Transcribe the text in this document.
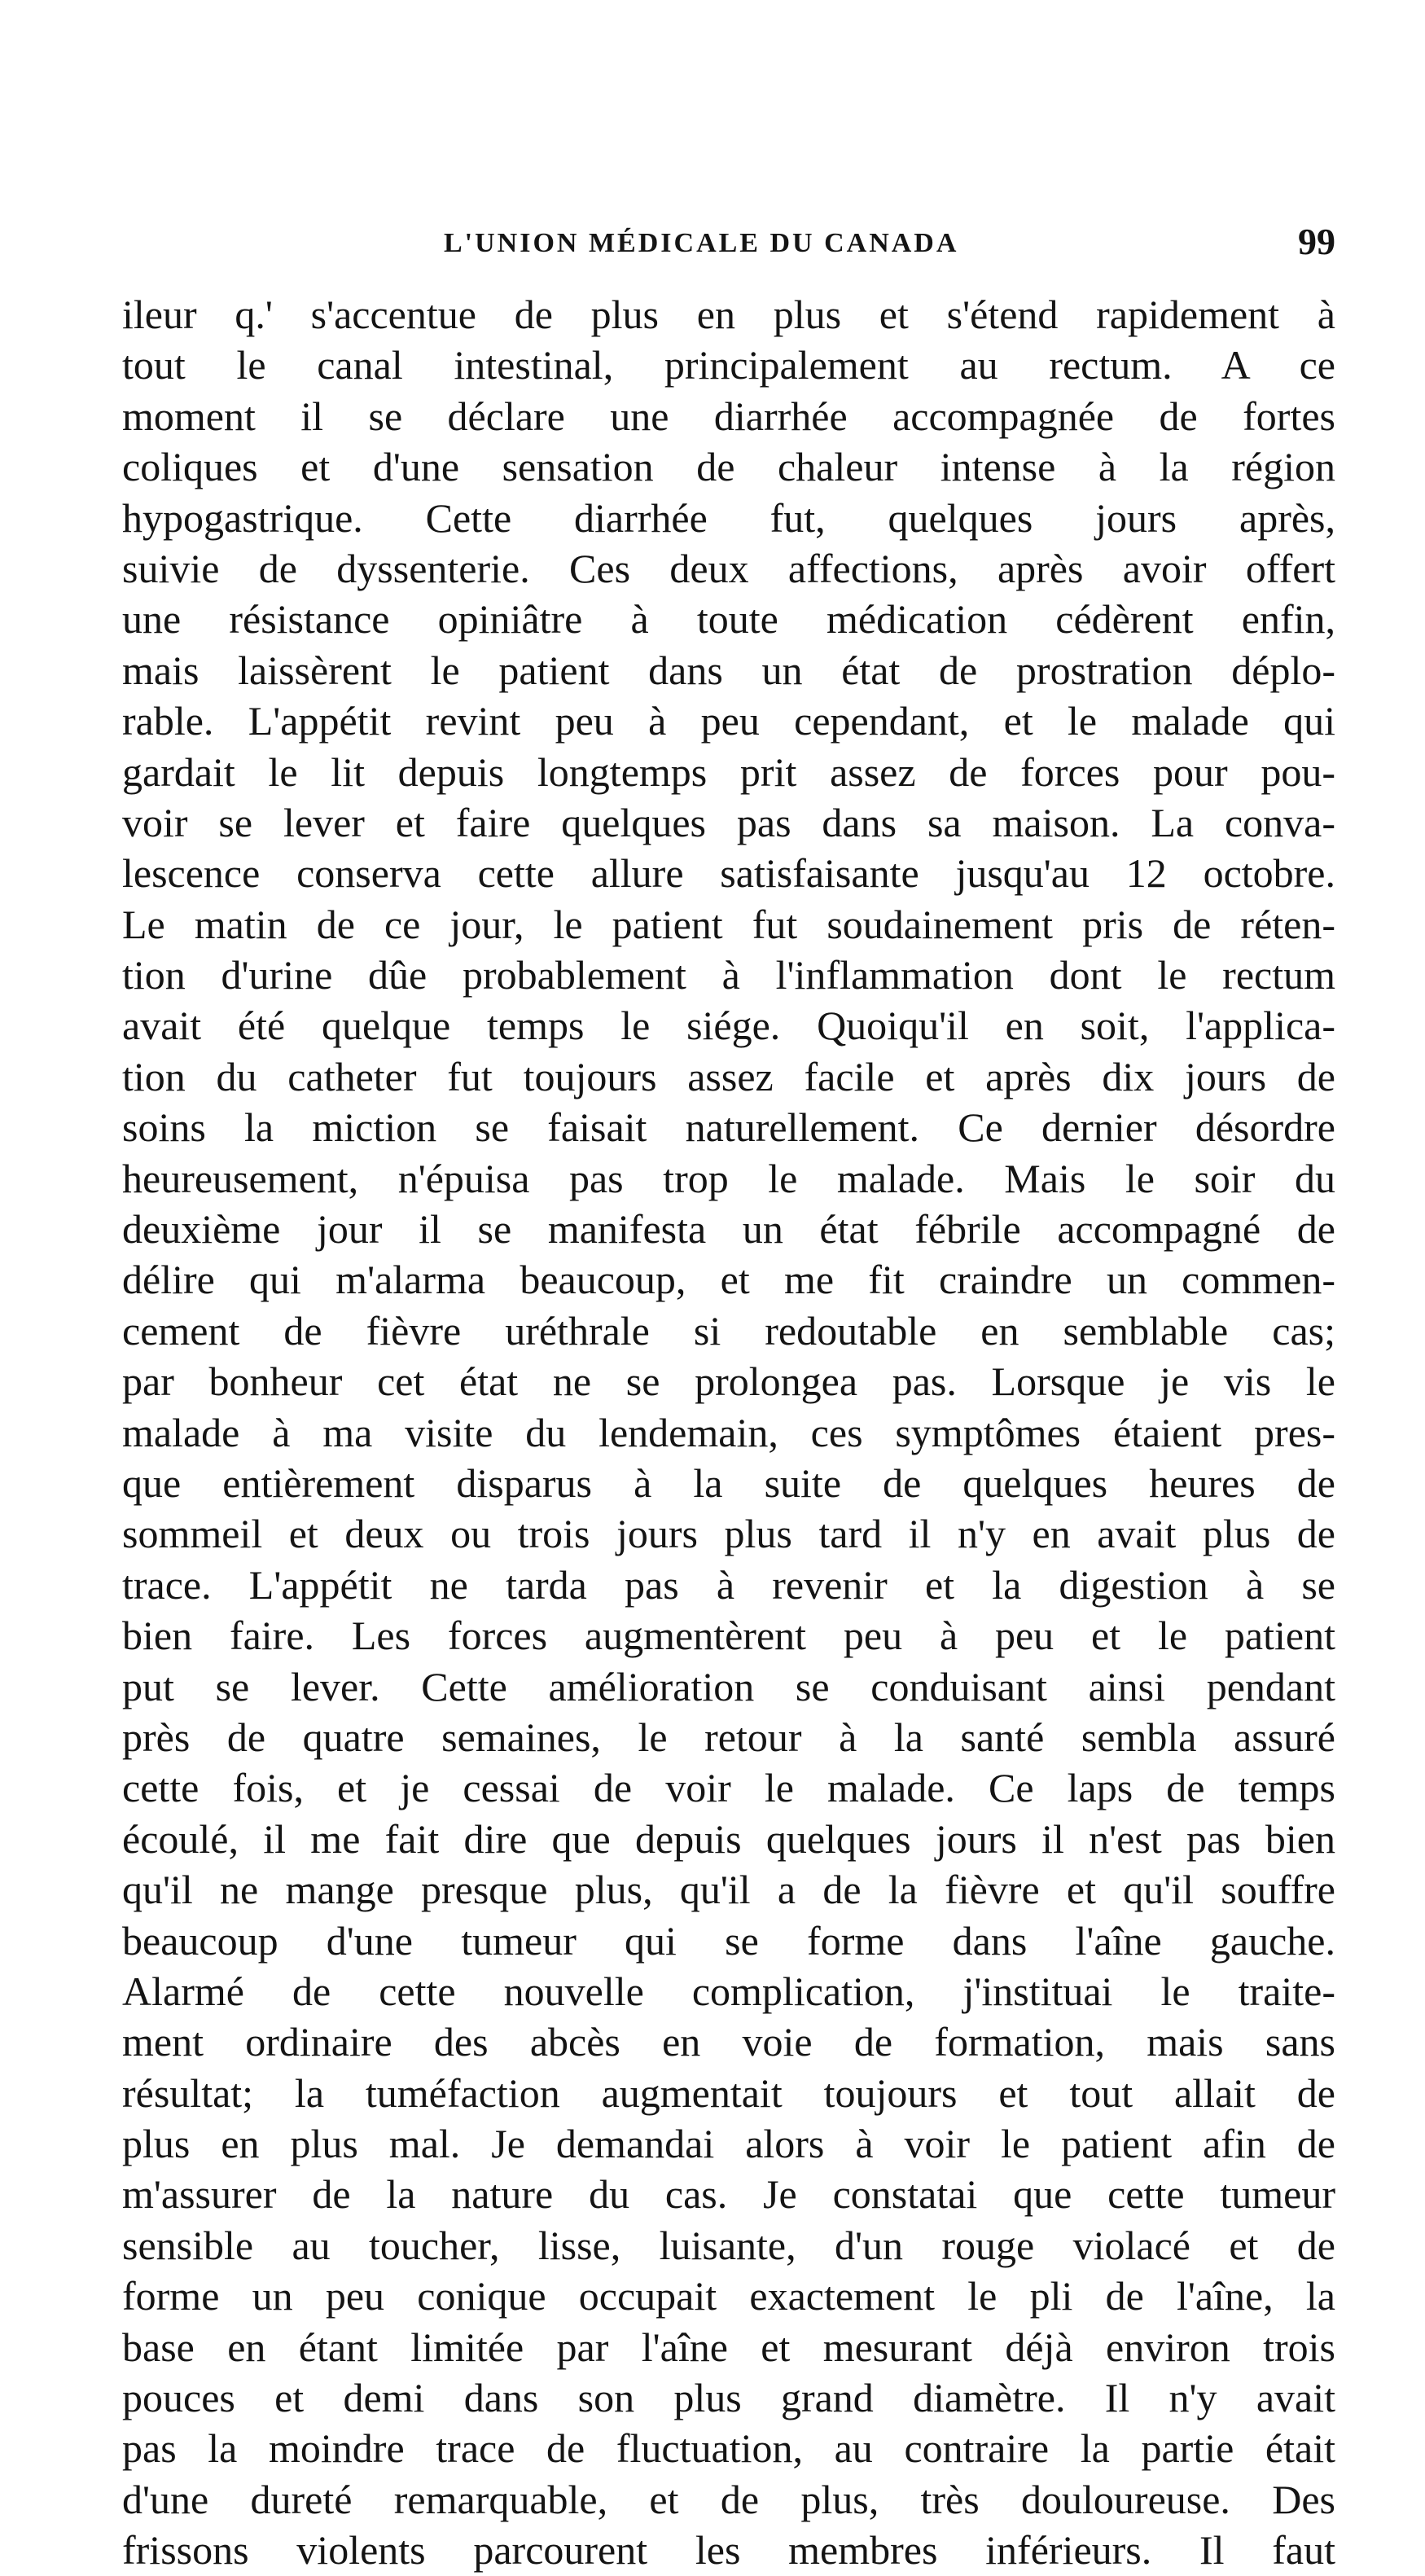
L'UNION MÉDICALE DU CANADA	99
ileur q.' s'accentue de plus en plus et s'étend rapidement à
tout le canal intestinal, principalement au rectum. A ce
moment il se déclare une diarrhée accompagnée de fortes
coliques et d'une sensation de chaleur intense à la région
hypogastrique. Cette diarrhée fut, quelques jours après,
suivie de dyssenterie. Ces deux affections, après avoir offert
une résistance opiniâtre à toute médication cédèrent enfin,
mais laissèrent le patient dans un état de prostration déplo-
rable. L'appétit revint peu à peu cependant, et le malade qui
gardait le lit depuis longtemps prit assez de forces pour pou-
voir se lever et faire quelques pas dans sa maison. La conva-
lescence conserva cette allure satisfaisante jusqu'au 12 octobre.
Le matin de ce jour, le patient fut soudainement pris de réten-
tion d'urine dûe probablement à l'inflammation dont le rectum
avait été quelque temps le siége. Quoiqu'il en soit, l'applica-
tion du catheter fut toujours assez facile et après dix jours de
soins la miction se faisait naturellement. Ce dernier désordre
heureusement, n'épuisa pas trop le malade. Mais le soir du
deuxième jour il se manifesta un état fébrile accompagné de
délire qui m'alarma beaucoup, et me fit craindre un commen-
cement de fièvre uréthrale si redoutable en semblable cas;
par bonheur cet état ne se prolongea pas. Lorsque je vis le
malade à ma visite du lendemain, ces symptômes étaient pres-
que entièrement disparus à la suite de quelques heures de
sommeil et deux ou trois jours plus tard il n'y en avait plus de
trace. L'appétit ne tarda pas à revenir et la digestion à se
bien faire. Les forces augmentèrent peu à peu et le patient
put se lever. Cette amélioration se conduisant ainsi pendant
près de quatre semaines, le retour à la santé sembla assuré
cette fois, et je cessai de voir le malade. Ce laps de temps
écoulé, il me fait dire que depuis quelques jours il n'est pas bien
qu'il ne mange presque plus, qu'il a de la fièvre et qu'il souffre
beaucoup d'une tumeur qui se forme dans l'aîne gauche.
Alarmé de cette nouvelle complication, j'instituai le traite-
ment ordinaire des abcès en voie de formation, mais sans
résultat; la tuméfaction augmentait toujours et tout allait de
plus en plus mal. Je demandai alors à voir le patient afin de
m'assurer de la nature du cas. Je constatai que cette tumeur
sensible au toucher, lisse, luisante, d'un rouge violacé et de
forme un peu conique occupait exactement le pli de l'aîne, la
base en étant limitée par l'aîne et mesurant déjà environ trois
pouces et demi dans son plus grand diamètre. Il n'y avait
pas la moindre trace de fluctuation, au contraire la partie était
d'une dureté remarquable, et de plus, très douloureuse. Des
frissons violents parcourent les membres inférieurs. Il faut
